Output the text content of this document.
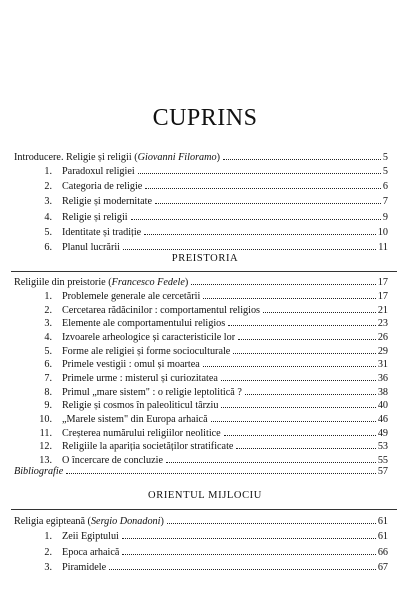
CUPRINS
Introducere. Religie și religii (Giovanni Filoramo)	5
1. Paradoxul religiei	5
2. Categoria de religie	6
3. Religie și modernitate	7
4. Religie și religii	9
5. Identitate și tradiție	10
6. Planul lucrării	11
PREISTORIA
Religiile din preistorie (Francesco Fedele)	17
1. Problemele generale ale cercetării	17
2. Cercetarea rădăcinilor : comportamentul religios	21
3. Elemente ale comportamentului religios	23
4. Izvoarele arheologice și caracteristicile lor	26
5. Forme ale religiei și forme socioculturale	29
6. Primele vestigii : omul și moartea	31
7. Primele urme : misterul și curiozitatea	36
8. Primul „mare sistem" : o religie leptolitică ?	38
9. Religie și cosmos în paleoliticul târziu	40
10. „Marele sistem" din Europa arhaică	46
11. Creșterea numărului religiilor neolitice	49
12. Religiile la apariția societăților stratificate	53
13. O încercare de concluzie	55
Bibliografie	57
ORIENTUL MIJLOCIU
Religia egipteană (Sergio Donadoni)	61
1. Zeii Egiptului	61
2. Epoca arhaică	66
3. Piramidele	67
